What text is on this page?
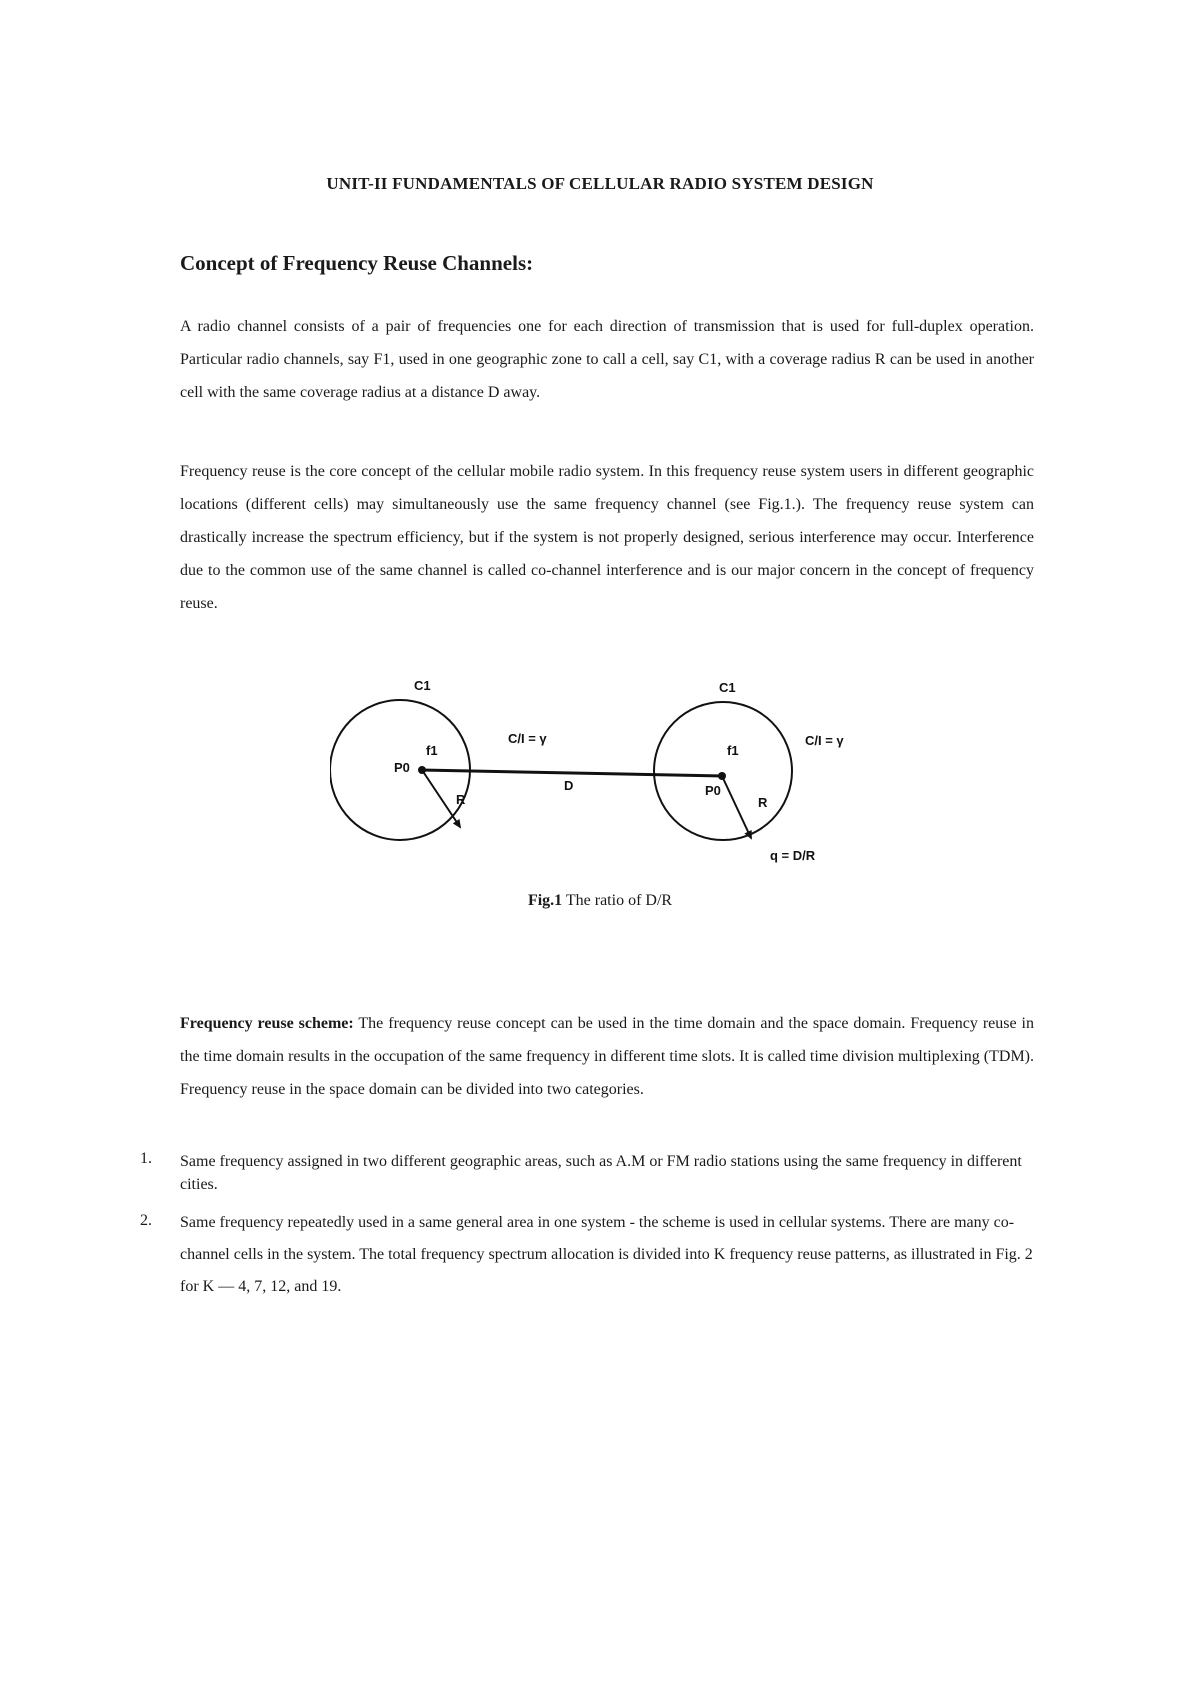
UNIT-II FUNDAMENTALS OF CELLULAR RADIO SYSTEM DESIGN
Concept of Frequency Reuse Channels:

A radio channel consists of a pair of frequencies one for each direction of transmission that is used for full-duplex operation. Particular radio channels, say F1, used in one geographic zone to call a cell, say C1, with a coverage radius R can be used in another cell with the same coverage radius at a distance D away.

Frequency reuse is the core concept of the cellular mobile radio system. In this frequency reuse system users in different geographic locations (different cells) may simultaneously use the same frequency channel (see Fig.1.). The frequency reuse system can drastically increase the spectrum efficiency, but if the system is not properly designed, serious interference may occur. Interference due to the common use of the same channel is called co-channel interference and is our major concern in the concept of frequency reuse.

C1	C1
f1	f1
P0
P0
C/I = γ	C/I = γ
D
R	R
q = D/R
Fig.1 The ratio of D/R

Frequency reuse scheme: The frequency reuse concept can be used in the time domain and the space domain. Frequency reuse in the time domain results in the occupation of the same frequency in different time slots. It is called time division multiplexing (TDM). Frequency reuse in the space domain can be divided into two categories.

1. Same frequency assigned in two different geographic areas, such as A.M or FM radio stations using the same frequency in different cities.
2. Same frequency repeatedly used in a same general area in one system - the scheme is used in cellular systems. There are many co-channel cells in the system. The total frequency spectrum allocation is divided into K frequency reuse patterns, as illustrated in Fig. 2 for K — 4, 7, 12, and 19.
